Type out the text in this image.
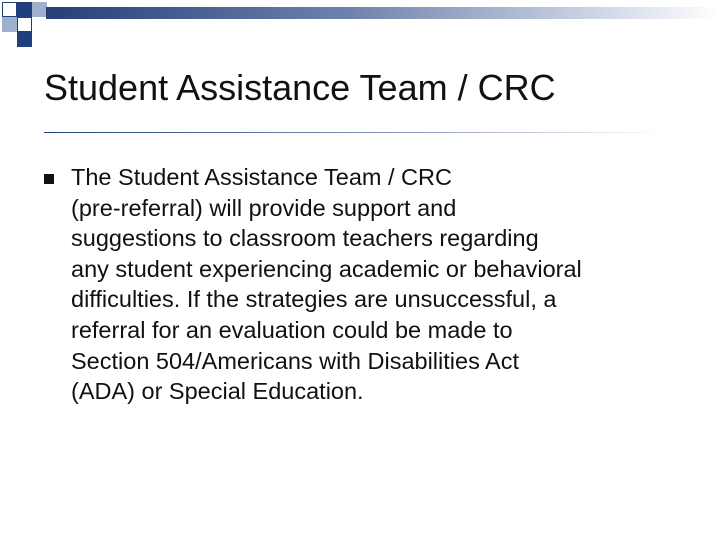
Student Assistance Team / CRC
The Student Assistance Team / CRC
(pre-referral) will provide support and
suggestions to classroom teachers regarding
any student experiencing academic or behavioral
difficulties. If the strategies are unsuccessful, a
referral for an evaluation could be made to
Section 504/Americans with Disabilities Act
(ADA) or Special Education.
